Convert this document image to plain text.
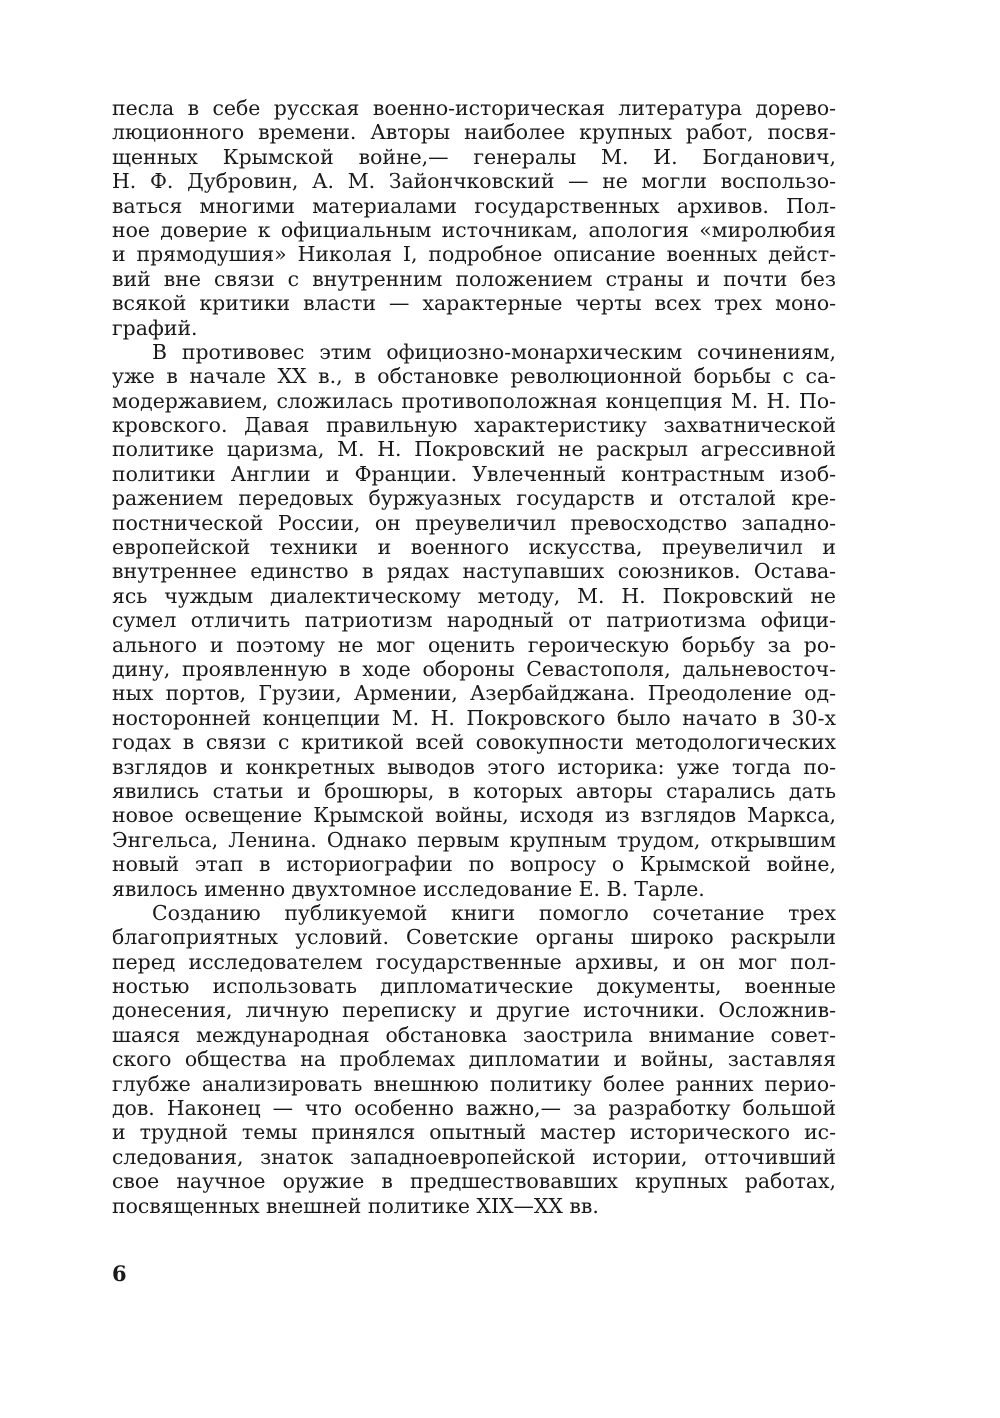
песла в себе русская военно-историческая литература дорево-
люционного времени. Авторы наиболее крупных работ, посвя-
щенных Крымской войне,— генералы М. И. Богданович,
Н. Ф. Дубровин, А. М. Зайончковский — не могли воспользо-
ваться многими материалами государственных архивов. Пол-
ное доверие к официальным источникам, апология «миролюбия
и прямодушия» Николая I, подробное описание военных дейст-
вий вне связи с внутренним положением страны и почти без
всякой критики власти — характерные черты всех трех моно-
графий.
В противовес этим официозно-монархическим сочинениям,
уже в начале XX в., в обстановке революционной борьбы с са-
модержавием, сложилась противоположная концепция М. Н. По-
кровского. Давая правильную характеристику захватнической
политике царизма, М. Н. Покровский не раскрыл агрессивной
политики Англии и Франции. Увлеченный контрастным изоб-
ражением передовых буржуазных государств и отсталой кре-
постнической России, он преувеличил превосходство западно-
европейской техники и военного искусства, преувеличил и
внутреннее единство в рядах наступавших союзников. Остава-
ясь чуждым диалектическому методу, М. Н. Покровский не
сумел отличить патриотизм народный от патриотизма офици-
ального и поэтому не мог оценить героическую борьбу за ро-
дину, проявленную в ходе обороны Севастополя, дальневосточ-
ных портов, Грузии, Армении, Азербайджана. Преодоление од-
носторонней концепции М. Н. Покровского было начато в 30-х
годах в связи с критикой всей совокупности методологических
взглядов и конкретных выводов этого историка: уже тогда по-
явились статьи и брошюры, в которых авторы старались дать
новое освещение Крымской войны, исходя из взглядов Маркса,
Энгельса, Ленина. Однако первым крупным трудом, открывшим
новый этап в историографии по вопросу о Крымской войне,
явилось именно двухтомное исследование Е. В. Тарле.
Созданию публикуемой книги помогло сочетание трех
благоприятных условий. Советские органы широко раскрыли
перед исследователем государственные архивы, и он мог пол-
ностью использовать дипломатические документы, военные
донесения, личную переписку и другие источники. Осложнив-
шаяся международная обстановка заострила внимание совет-
ского общества на проблемах дипломатии и войны, заставляя
глубже анализировать внешнюю политику более ранних перио-
дов. Наконец — что особенно важно,— за разработку большой
и трудной темы принялся опытный мастер исторического ис-
следования, знаток западноевропейской истории, отточивший
свое научное оружие в предшествовавших крупных работах,
посвященных внешней политике XIX—XX вв.
6
